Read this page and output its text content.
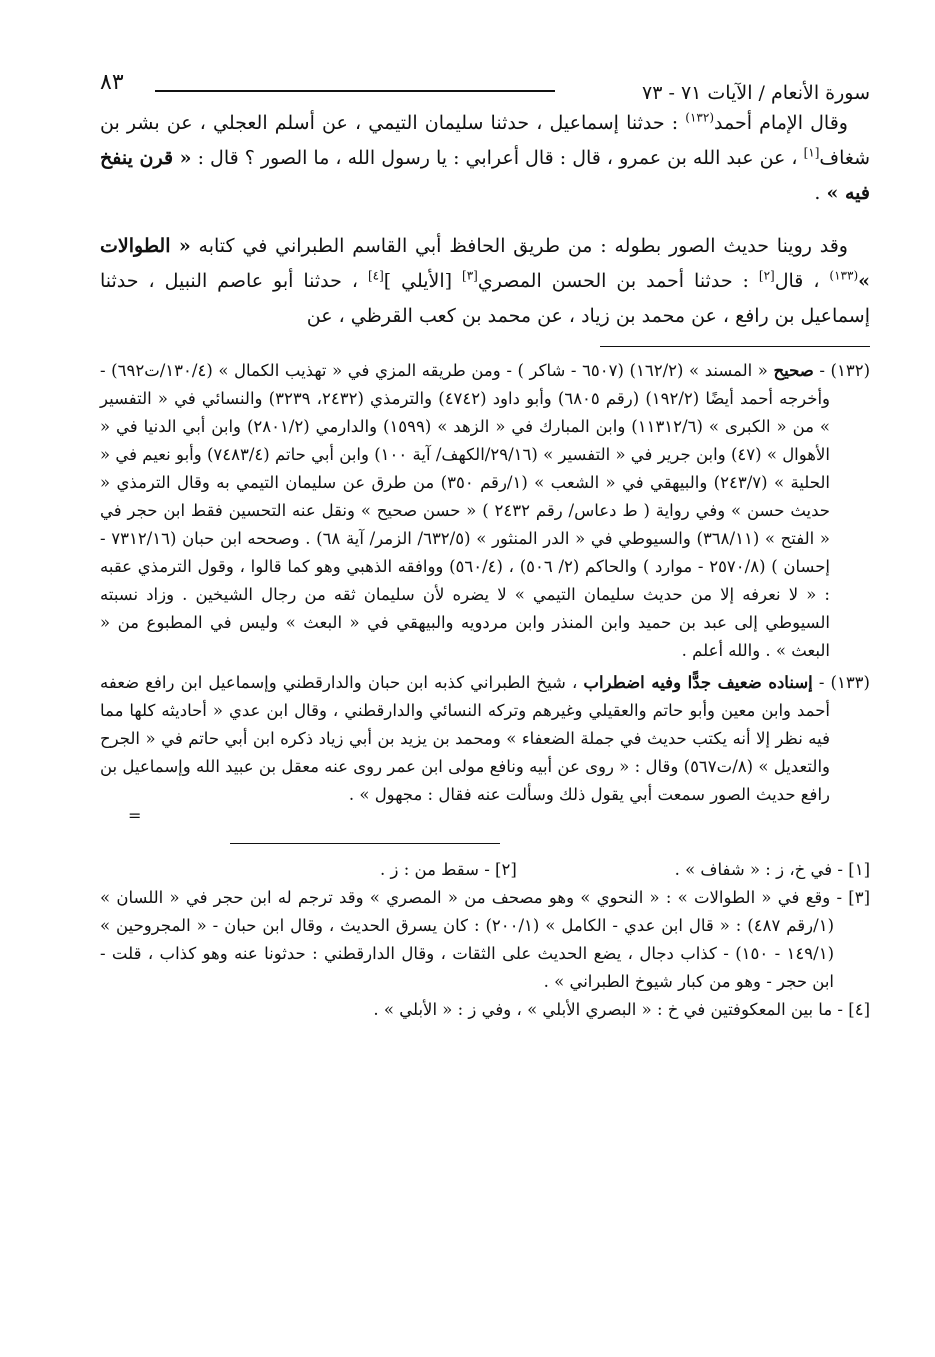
سورة الأنعام / الآيات ٧١ - ٧٣
٨٣

وقال الإمام أحمد$^{(١٣٢)}$ : حدثنا إسماعيل ، حدثنا سليمان التيمي ، عن أسلم العجلي ، عن بشر بن شغاف[١] ، عن عبد الله بن عمرو ، قال : قال أعرابي : يا رسول الله ، ما الصور ؟ قال : « قرن ينفخ فيه » .

وقد روينا حديث الصور بطوله : من طريق الحافظ أبي القاسم الطبراني في كتابه « الطوالات »$^{(١٣٣)}$ ، قال[٢] : حدثنا أحمد بن الحسن المصري[٣] [الأيلي ][٤] ، حدثنا أبو عاصم النبيل ، حدثنا إسماعيل بن رافع ، عن محمد بن زياد ، عن محمد بن كعب القرظي ، عن

(١٣٢) - صحيح « المسند » (١٦٢/٢) (٦٥٠٧ - شاكر ) - ومن طريقه المزي في « تهذيب الكمال » (١٣٠/٤/ت٦٩٢) - وأخرجه أحمد أيضًا (١٩٢/٢) (رقم ٦٨٠٥) وأبو داود (٤٧٤٢) والترمذي (٢٤٣٢، ٣٢٣٩) والنسائي في « التفسير » من « الكبرى » (١١٣١٢/٦) وابن المبارك في « الزهد » (١٥٩٩) والدارمي (٢٨٠١/٢) وابن أبي الدنيا في « الأهوال » (٤٧) وابن جرير في « التفسير » (٢٩/١٦/الكهف/ آية ١٠٠) وابن أبي حاتم (٧٤٨٣/٤) وأبو نعيم في « الحلية » (٢٤٣/٧) والبيهقي في « الشعب » (١/رقم ٣٥٠) من طرق عن سليمان التيمي به وقال الترمذي « حديث حسن » وفي رواية ( ط دعاس/ رقم ٢٤٣٢ ) « حسن صحيح » ونقل عنه التحسين فقط ابن حجر في « الفتح » (٣٦٨/١١) والسيوطي في « الدر المنثور » (٦٣٢/٥/ الزمر/ آية ٦٨) . وصححه ابن حبان (٧٣١٢/١٦ - إحسان ) (٢٥٧٠/٨ - موارد ) والحاكم (٢/ ٥٠٦) ، (٥٦٠/٤) ووافقه الذهبي وهو كما قالوا ، وقول الترمذي عقبه : « لا نعرفه إلا من حديث سليمان التيمي » لا يضره لأن سليمان ثقه من رجال الشيخين . وزاد نسبته السيوطي إلى عبد بن حميد وابن المنذر وابن مردويه والبيهقي في « البعث » وليس في المطبوع من « البعث » . والله أعلم .

(١٣٣) - إسناده ضعيف جدًّا وفيه اضطراب ، شيخ الطبراني كذبه ابن حبان والدارقطني وإسماعيل ابن رافع ضعفه أحمد وابن معين وأبو حاتم والعقيلي وغيرهم وتركه النسائي والدارقطني ، وقال ابن عدي « أحاديثه كلها مما فيه نظر إلا أنه يكتب حديث في جملة الضعفاء » ومحمد بن يزيد بن أبي زياد ذكره ابن أبي حاتم في « الجرح والتعديل » (٨/ت٥٦٧) وقال : « روى عن أبيه ونافع مولى ابن عمر روى عنه معقل بن عبيد الله وإسماعيل بن رافع حديث الصور سمعت أبي يقول ذلك وسألت عنه فقال : مجهول » .

=
[١] - في خ، ز : « شفاف » .
[٢] - سقط من : ز .

[٣] - وقع في « الطوالات » : « النحوي » وهو مصحف من « المصري » وقد ترجم له ابن حجر في « اللسان » (١/رقم ٤٨٧) : « قال ابن عدي - الكامل » (٢٠٠/١) : كان يسرق الحديث ، وقال ابن حبان - « المجروحين » (١٤٩/١ - ١٥٠) - كذاب دجال ، يضع الحديث على الثقات ، وقال الدارقطني : حدثونا عنه وهو كذاب ، قلت - ابن حجر - وهو من كبار شيوخ الطبراني » .

[٤] - ما بين المعكوفتين في خ : « البصري الأبلي » ، وفي ز : « الأبلي » .
